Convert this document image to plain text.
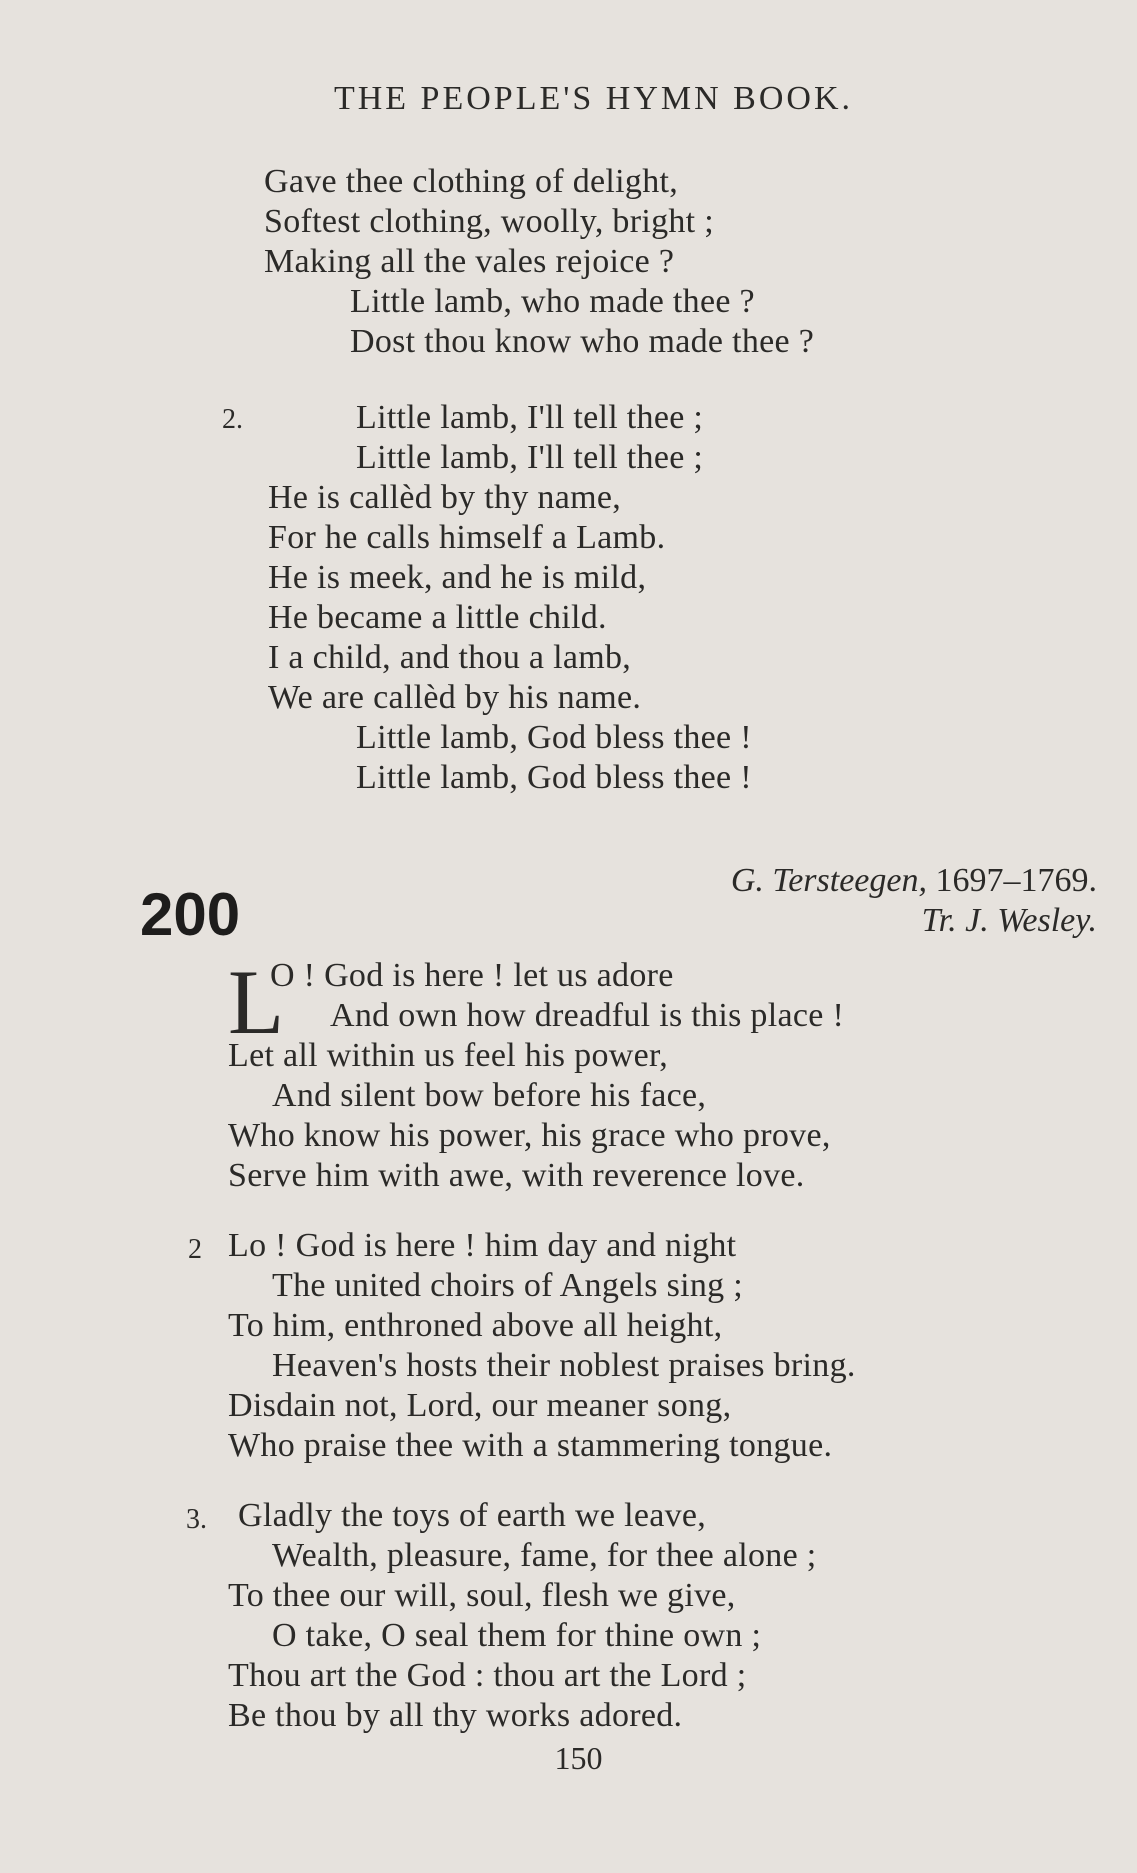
THE PEOPLE'S HYMN BOOK.
Gave thee clothing of delight,
Softest clothing, woolly, bright ;
Making all the vales rejoice ?
Little lamb, who made thee ?
Dost thou know who made thee ?
2.	Little lamb, I'll tell thee ;
Little lamb, I'll tell thee ;
He is callèd by thy name,
For he calls himself a Lamb.
He is meek, and he is mild,
He became a little child.
I a child, and thou a lamb,
We are callèd by his name.
Little lamb, God bless thee !
Little lamb, God bless thee !
200
G. Tersteegen, 1697–1769.
Tr. J. Wesley.
L
O ! God is here ! let us adore
And own how dreadful is this place !
Let all within us feel his power,
And silent bow before his face,
Who know his power, his grace who prove,
Serve him with awe, with reverence love.
2 Lo ! God is here ! him day and night
The united choirs of Angels sing ;
To him, enthroned above all height,
Heaven's hosts their noblest praises bring.
Disdain not, Lord, our meaner song,
Who praise thee with a stammering tongue.
3. Gladly the toys of earth we leave,
Wealth, pleasure, fame, for thee alone ;
To thee our will, soul, flesh we give,
O take, O seal them for thine own ;
Thou art the God : thou art the Lord ;
Be thou by all thy works adored.
150
